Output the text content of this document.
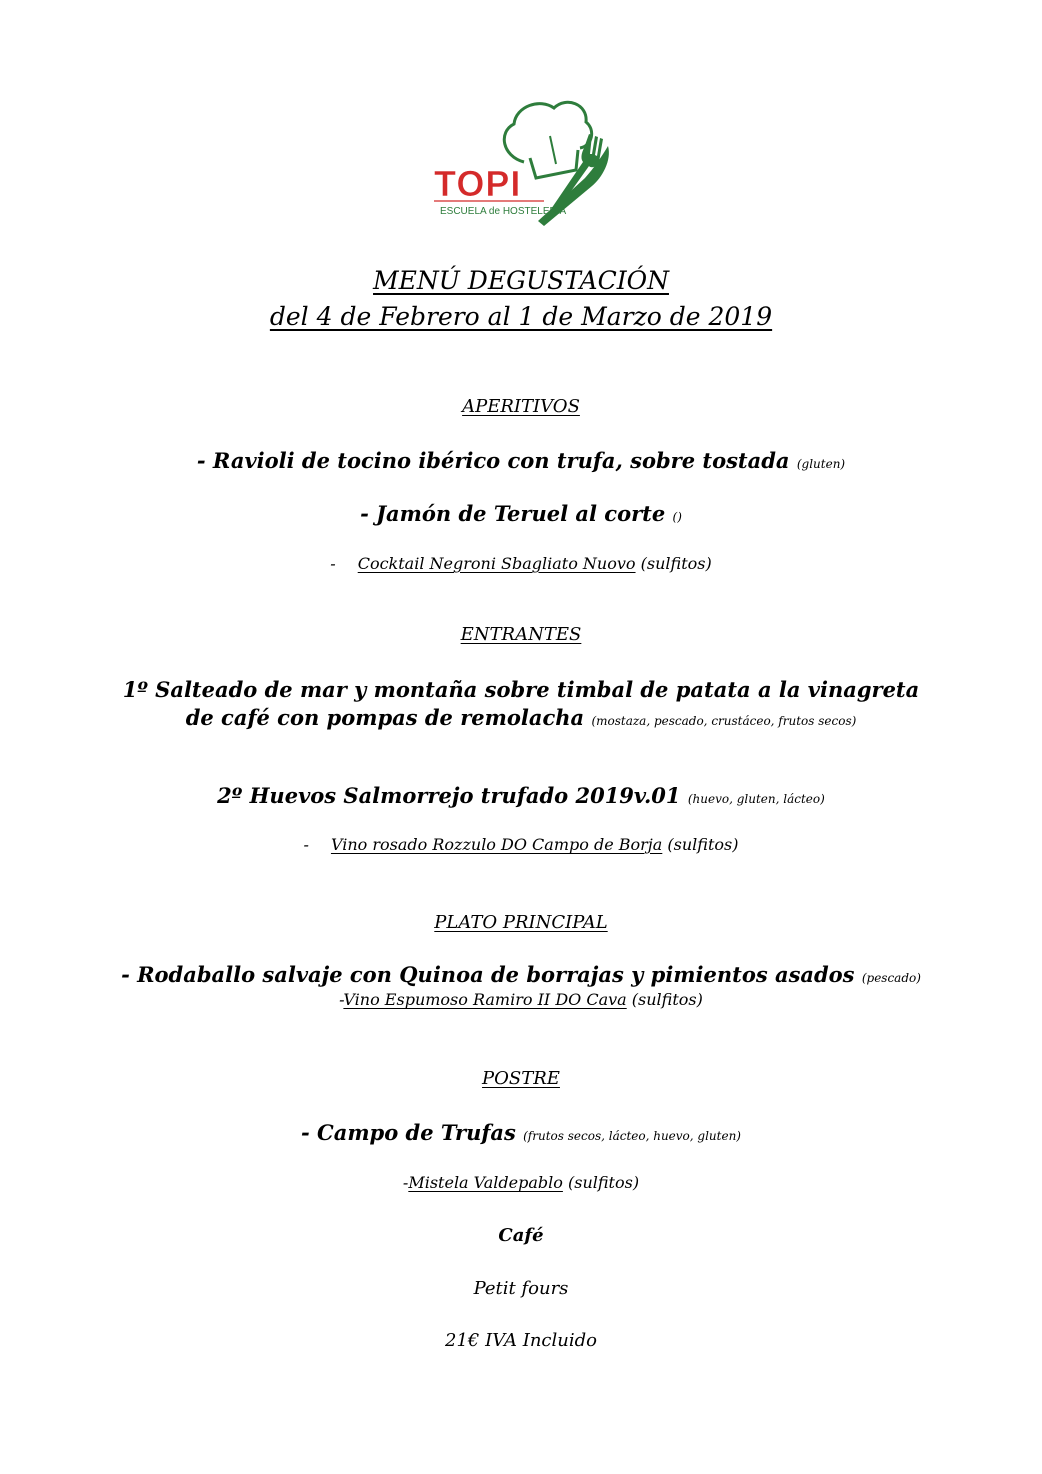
TOPI
ESCUELA de HOSTELERÍA
MENÚ DEGUSTACIÓN
del 4 de Febrero al 1 de Marzo de 2019
APERITIVOS
- Ravioli de tocino ibérico con trufa, sobre tostada (gluten)
- Jamón de Teruel al corte ()
- Cocktail Negroni Sbagliato Nuovo (sulfitos)
ENTRANTES
1º Salteado de mar y montaña sobre timbal de patata a la vinagreta
de café con pompas de remolacha (mostaza, pescado, crustáceo, frutos secos)
2º Huevos Salmorrejo trufado 2019v.01 (huevo, gluten, lácteo)
- Vino rosado Rozzulo DO Campo de Borja (sulfitos)
PLATO PRINCIPAL
- Rodaballo salvaje con Quinoa de borrajas y pimientos asados (pescado)
-Vino Espumoso Ramiro II DO Cava (sulfitos)
POSTRE
- Campo de Trufas (frutos secos, lácteo, huevo, gluten)
-Mistela Valdepablo (sulfitos)
Café
Petit fours
21€ IVA Incluido
